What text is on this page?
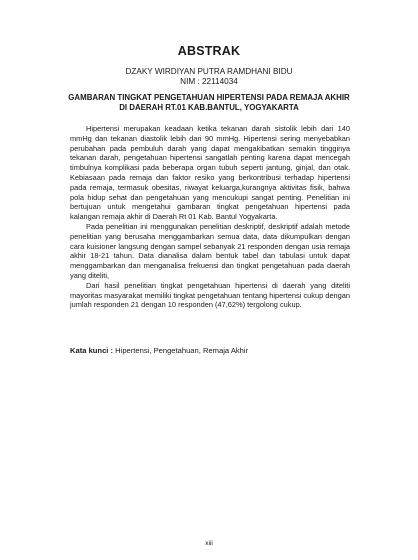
ABSTRAK
DZAKY WIRDIYAN PUTRA RAMDHANI BIDU
NIM : 22114034
GAMBARAN TINGKAT PENGETAHUAN HIPERTENSI PADA REMAJA AKHIR
DI DAERAH RT.01 KAB.BANTUL, YOGYAKARTA

Hipertensi merupakan keadaan ketika tekanan darah sistolik lebih dari 140 mmHg dan tekanan diastolik lebih dari 90 mmHg. Hipertensi sering menyebabkan perubahan pada pembuluh darah yang dapat mengakibatkan semakin tingginya tekanan darah, pengetahuan hipertensi sangatlah penting karena dapat mencegah timbulnya komplikasi pada beberapa organ tubuh seperti jantung, ginjal, dan otak. Kebiasaan pada remaja dan faktor resiko yang berkontribusi terhadap hipertensi pada remaja, termasuk obesitas, riwayat keluarga,kurangnya aktivitas fisik, bahwa pola hidup sehat dan pengetahuan yang mencukupi sangat penting. Penelitian ini bertujuan untuk mengetahui gambaran tingkat pengetahuan hipertensi pada kalangan remaja akhir di Daerah Rt 01 Kab. Bantul Yogyakarta.

Pada penelitian ini menggunakan penelitian deskriptif, deskriptif adalah metode penelitian yang berusaha menggambarkan semua data, data dikumpulkan dengan cara kuisioner langsung dengan sampel sebanyak 21 responden dengan usia remaja akhir 18-21 tahun. Data dianalisa dalam bentuk tabel dan tabulasi untuk dapat menggambarkan dan menganalisa frekuensi dan tingkat pengetahuan pada daerah yang diteliti,

Dari hasil penelitian tingkat pengetahuan hipertensi di daerah yang diteliti mayoritas masyarakat memiliki tingkat pengetahuan tentang hipertensi cukup dengan jumlah responden 21 dengan 10 responden (47,62%) tergolong cukup.

Kata kunci : Hipertensi, Pengetahuan, Remaja Akhir
xiii
